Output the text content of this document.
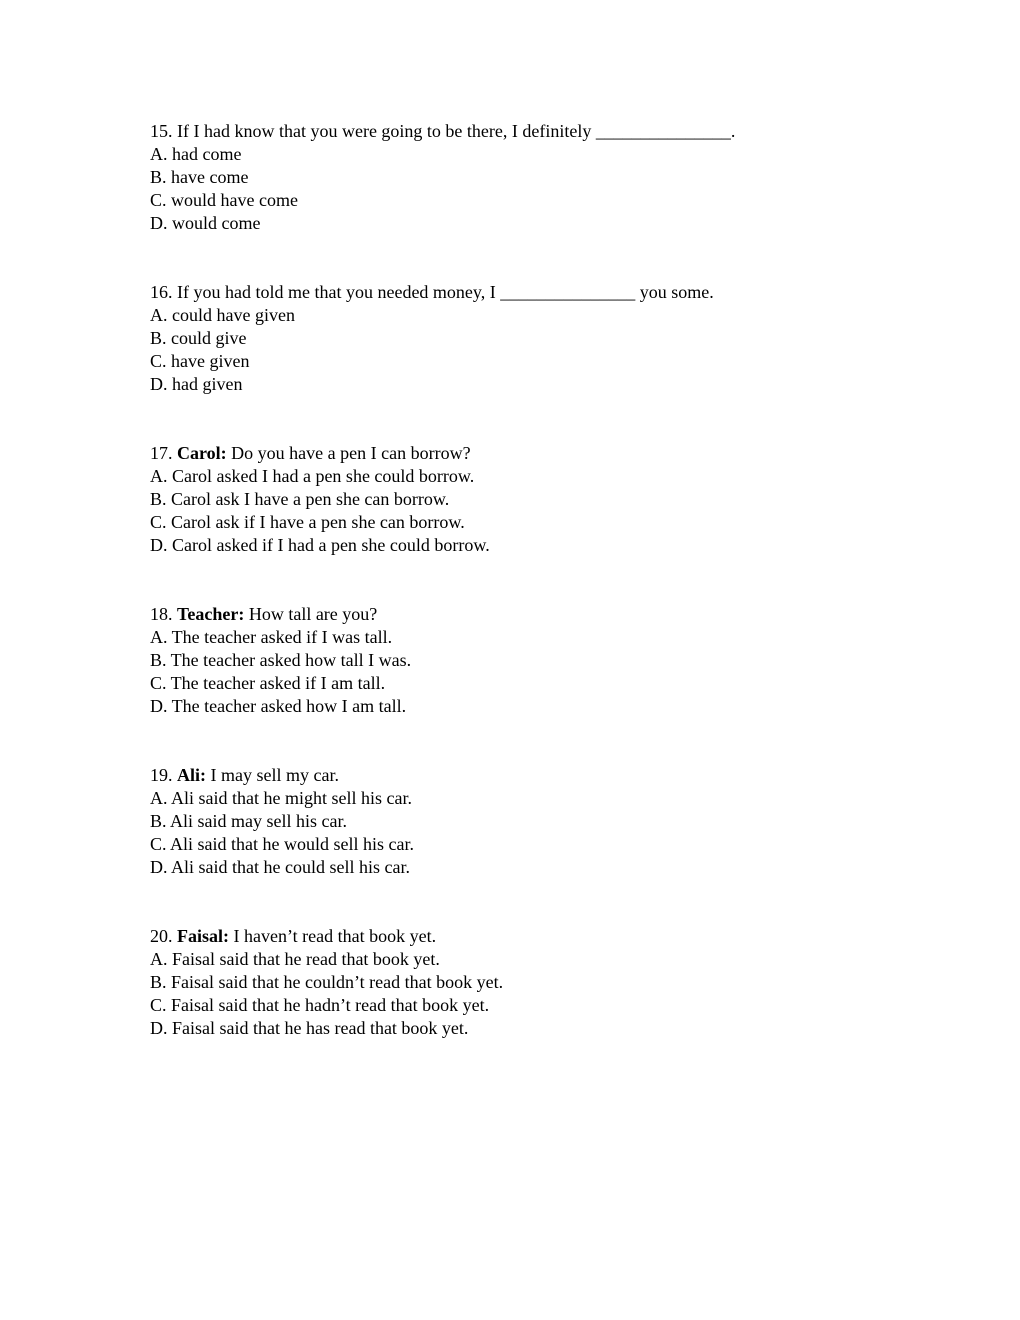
15. If I had know that you were going to be there, I definitely _______________.
A. had come
B. have come
C. would have come
D. would come
16. If you had told me that you needed money, I _______________ you some.
A. could have given
B. could give
C. have given
D. had given
17. Carol: Do you have a pen I can borrow?
A. Carol asked I had a pen she could borrow.
B. Carol ask I have a pen she can borrow.
C. Carol ask if I have a pen she can borrow.
D. Carol asked if I had a pen she could borrow.
18. Teacher: How tall are you?
A. The teacher asked if I was tall.
B. The teacher asked how tall I was.
C. The teacher asked if I am tall.
D. The teacher asked how I am tall.
19. Ali: I may sell my car.
A. Ali said that he might sell his car.
B. Ali said may sell his car.
C. Ali said that he would sell his car.
D. Ali said that he could sell his car.
20. Faisal: I haven’t read that book yet.
A. Faisal said that he read that book yet.
B. Faisal said that he couldn’t read that book yet.
C. Faisal said that he hadn’t read that book yet.
D. Faisal said that he has read that book yet.
